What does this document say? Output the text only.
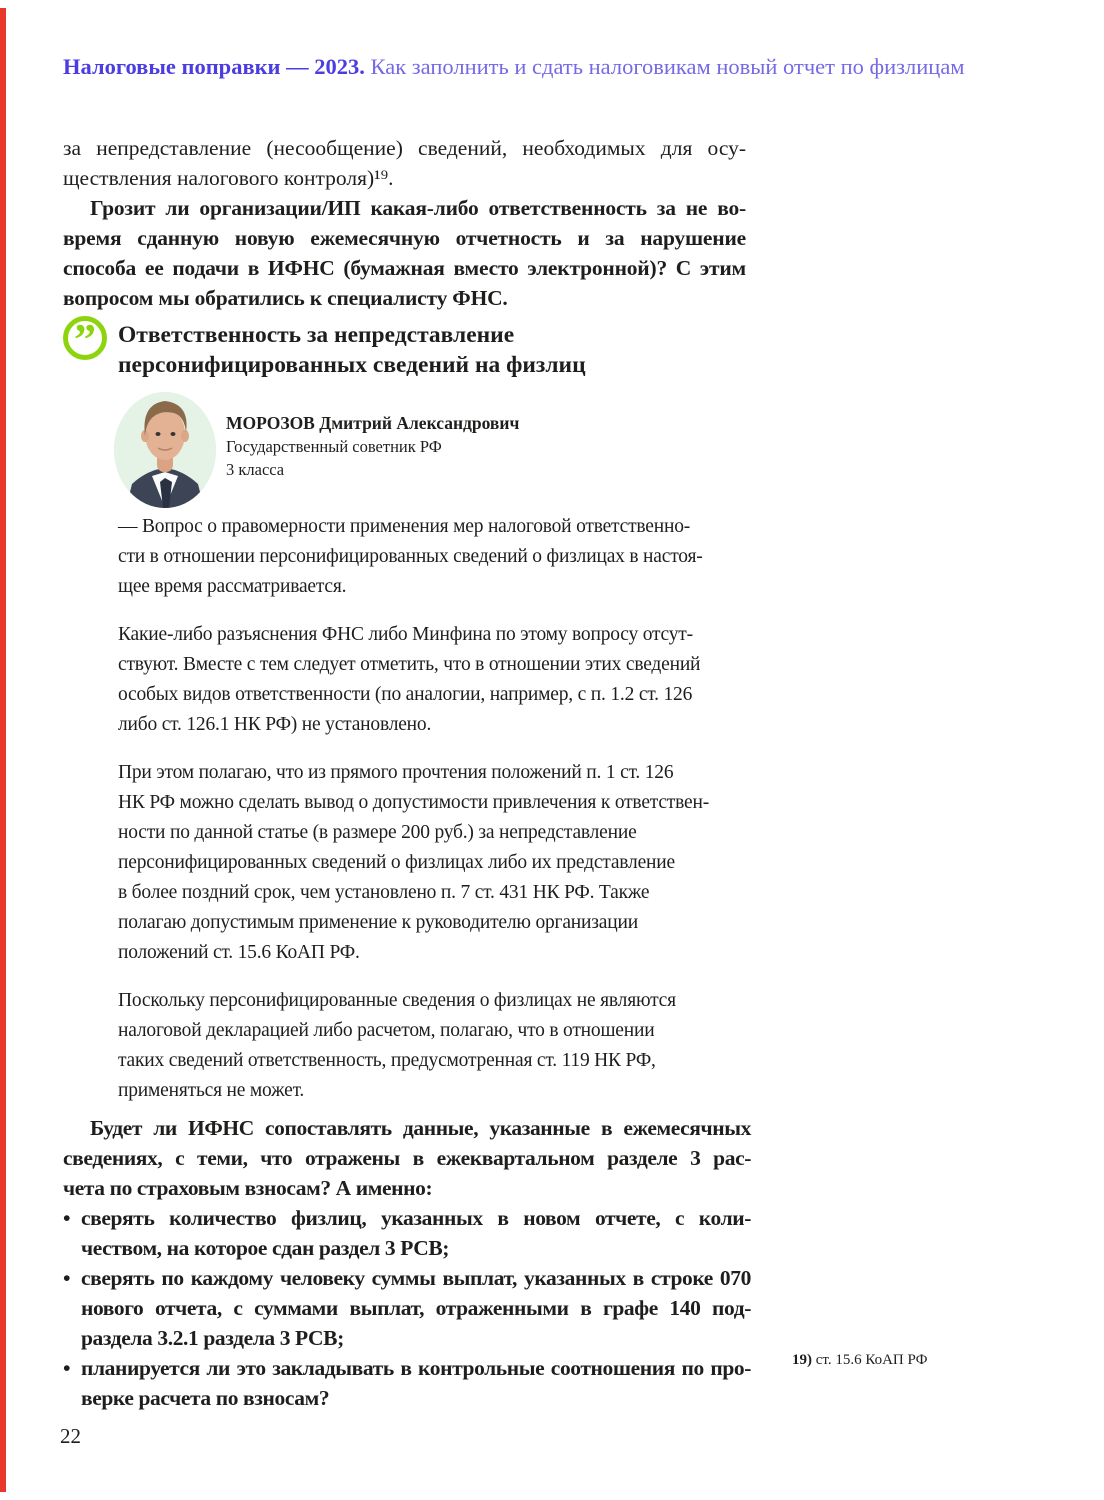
Налоговые поправки — 2023. Как заполнить и сдать налоговикам новый отчет по физлицам
за непредставление (несообщение) сведений, необходимых для осу-
ществления налогового контроля)¹⁹.
Грозит ли организации/ИП какая-либо ответственность за не во-
время сданную новую ежемесячную отчетность и за нарушение
способа ее подачи в ИФНС (бумажная вместо электронной)? С этим
вопросом мы обратились к специалисту ФНС.
” Ответственность за непредставление
персонифицированных сведений на физлиц
МОРОЗОВ Дмитрий Александрович
Государственный советник РФ
3 класса
— Вопрос о правомерности применения мер налоговой ответственно-
сти в отношении персонифицированных сведений о физлицах в настоя-
щее время рассматривается.
Какие-либо разъяснения ФНС либо Минфина по этому вопросу отсут-
ствуют. Вместе с тем следует отметить, что в отношении этих сведений
особых видов ответственности (по аналогии, например, с п. 1.2 ст. 126
либо ст. 126.1 НК РФ) не установлено.
При этом полагаю, что из прямого прочтения положений п. 1 ст. 126
НК РФ можно сделать вывод о допустимости привлечения к ответствен-
ности по данной статье (в размере 200 руб.) за непредставление
персонифицированных сведений о физлицах либо их представление
в более поздний срок, чем установлено п. 7 ст. 431 НК РФ. Также
полагаю допустимым применение к руководителю организации
положений ст. 15.6 КоАП РФ.
Поскольку персонифицированные сведения о физлицах не являются
налоговой декларацией либо расчетом, полагаю, что в отношении
таких сведений ответственность, предусмотренная ст. 119 НК РФ,
применяться не может.
Будет ли ИФНС сопоставлять данные, указанные в ежемесячных
сведениях, с теми, что отражены в ежеквартальном разделе 3 рас-
чета по страховым взносам? А именно:
• сверять количество физлиц, указанных в новом отчете, с коли-
чеством, на которое сдан раздел 3 РСВ;
• сверять по каждому человеку суммы выплат, указанных в строке 070
нового отчета, с суммами выплат, отраженными в графе 140 под-
раздела 3.2.1 раздела 3 РСВ;
• планируется ли это закладывать в контрольные соотношения по про-
верке расчета по взносам?
19) ст. 15.6 КоАП РФ
22
